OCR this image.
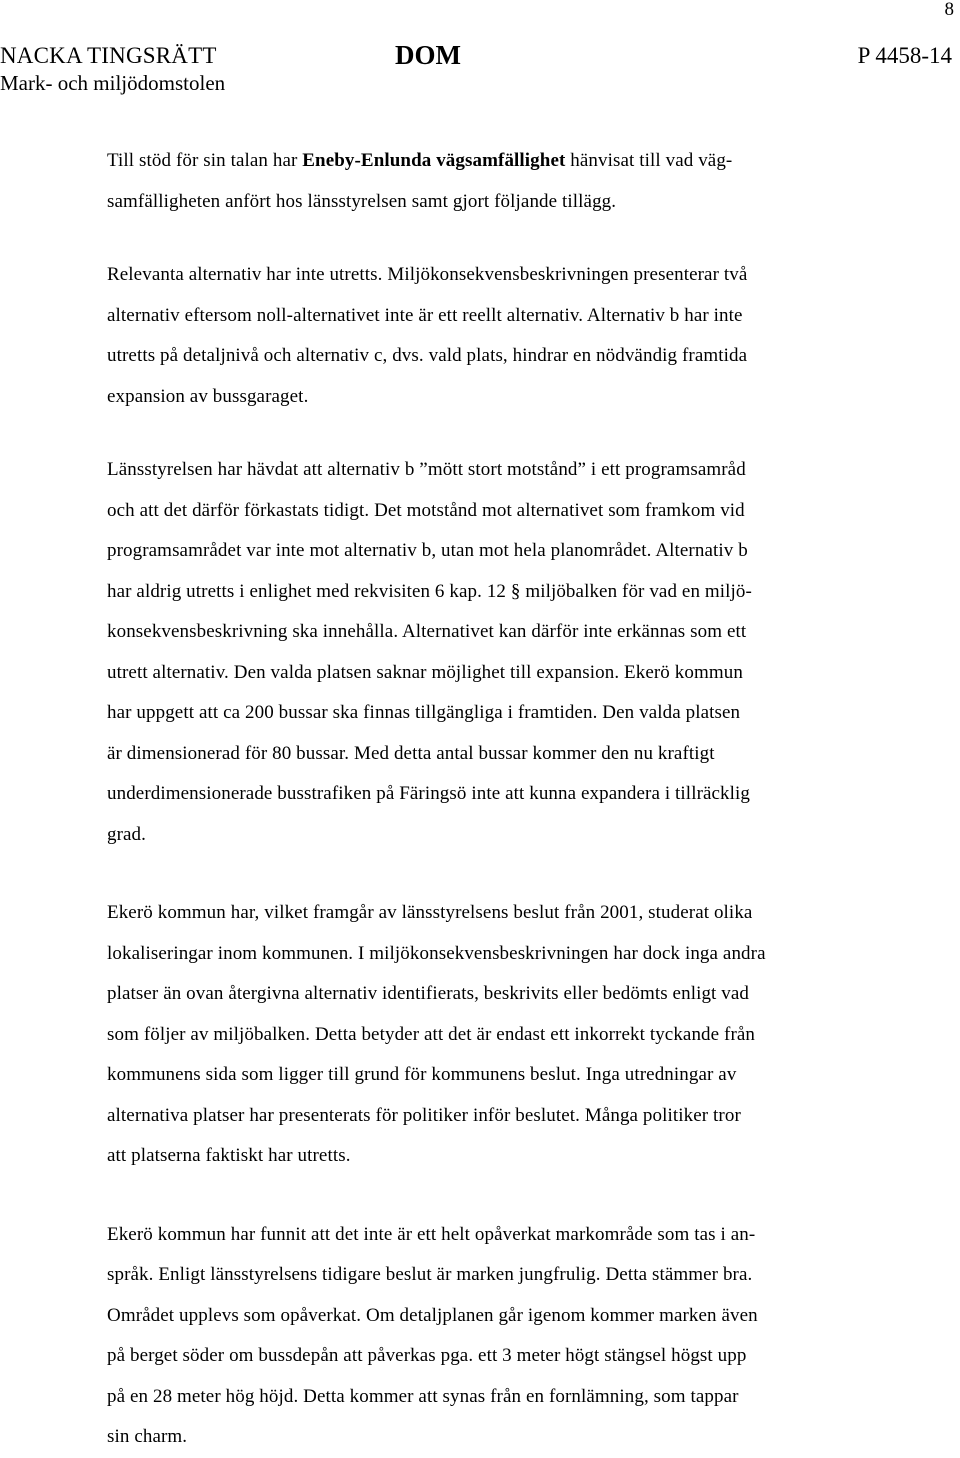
8
NACKA TINGSRÄTT
Mark- och miljödomstolen
DOM	P 4458-14

Till stöd för sin talan har Eneby-Enlunda vägsamfällighet hänvisat till vad väg-
samfälligheten anfört hos länsstyrelsen samt gjort följande tillägg.

Relevanta alternativ har inte utretts. Miljökonsekvensbeskrivningen presenterar två
alternativ eftersom noll-alternativet inte är ett reellt alternativ. Alternativ b har inte
utretts på detaljnivå och alternativ c, dvs. vald plats, hindrar en nödvändig framtida
expansion av bussgaraget.

Länsstyrelsen har hävdat att alternativ b ”mött stort motstånd” i ett programsamråd
och att det därför förkastats tidigt. Det motstånd mot alternativet som framkom vid
programsamrådet var inte mot alternativ b, utan mot hela planområdet. Alternativ b
har aldrig utretts i enlighet med rekvisiten 6 kap. 12 § miljöbalken för vad en miljö-
konsekvensbeskrivning ska innehålla. Alternativet kan därför inte erkännas som ett
utrett alternativ. Den valda platsen saknar möjlighet till expansion. Ekerö kommun
har uppgett att ca 200 bussar ska finnas tillgängliga i framtiden. Den valda platsen
är dimensionerad för 80 bussar. Med detta antal bussar kommer den nu kraftigt
underdimensionerade busstrafiken på Färingsö inte att kunna expandera i tillräcklig
grad.

Ekerö kommun har, vilket framgår av länsstyrelsens beslut från 2001, studerat olika
lokaliseringar inom kommunen. I miljökonsekvensbeskrivningen har dock inga andra
platser än ovan återgivna alternativ identifierats, beskrivits eller bedömts enligt vad
som följer av miljöbalken. Detta betyder att det är endast ett inkorrekt tyckande från
kommunens sida som ligger till grund för kommunens beslut. Inga utredningar av
alternativa platser har presenterats för politiker inför beslutet. Många politiker tror
att platserna faktiskt har utretts.

Ekerö kommun har funnit att det inte är ett helt opåverkat markområde som tas i an-
språk. Enligt länsstyrelsens tidigare beslut är marken jungfrulig. Detta stämmer bra.
Området upplevs som opåverkat. Om detaljplanen går igenom kommer marken även
på berget söder om bussdepån att påverkas pga. ett 3 meter högt stängsel högst upp
på en 28 meter hög höjd. Detta kommer att synas från en fornlämning, som tappar
sin charm.
